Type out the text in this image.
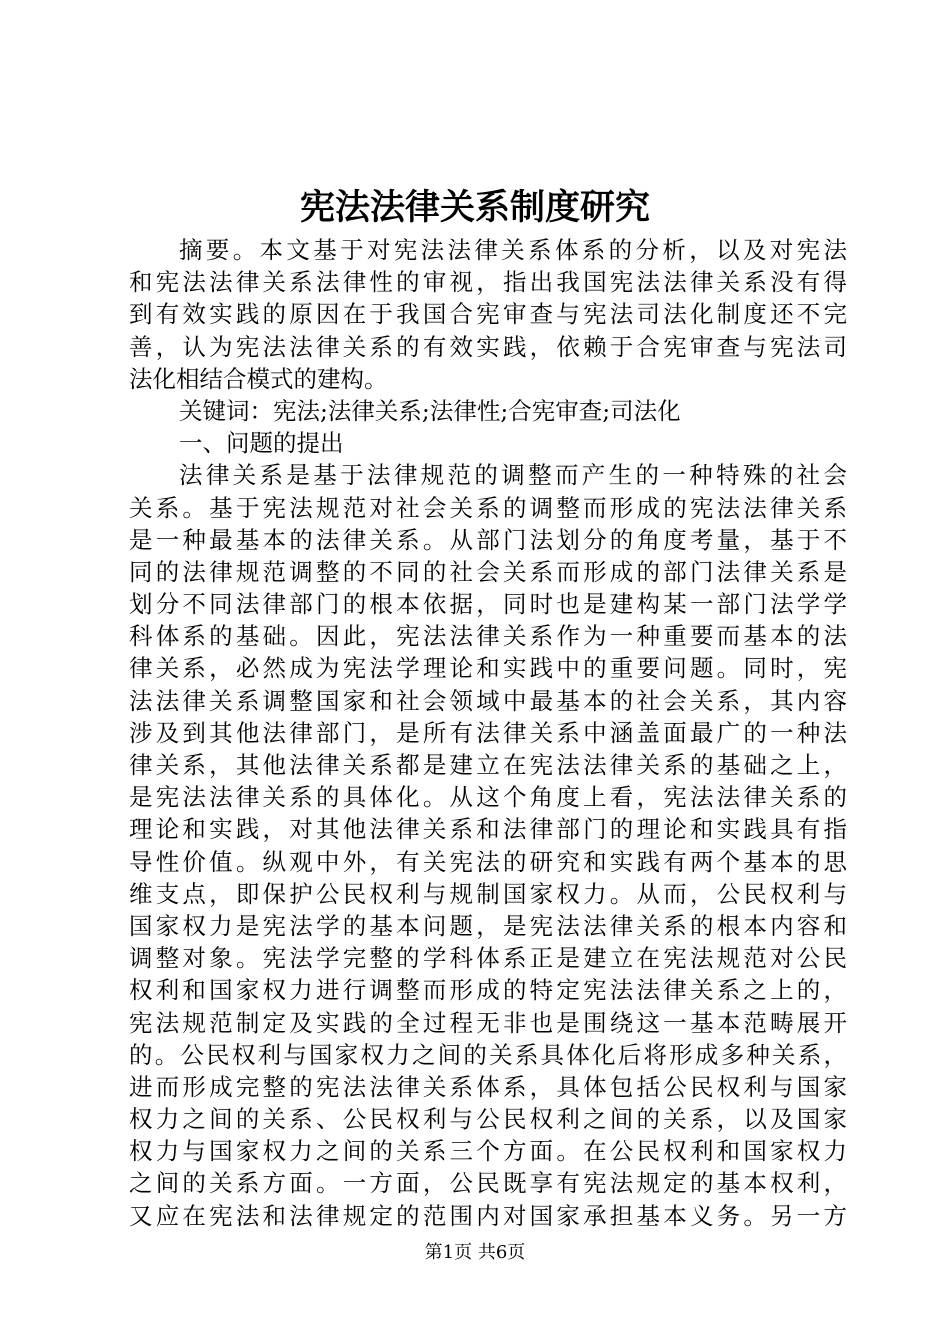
宪法法律关系制度研究
摘要。本文基于对宪法法律关系体系的分析，以及对宪法
和宪法法律关系法律性的审视，指出我国宪法法律关系没有得
到有效实践的原因在于我国合宪审查与宪法司法化制度还不完
善，认为宪法法律关系的有效实践，依赖于合宪审查与宪法司
法化相结合模式的建构。
关键词：宪法;法律关系;法律性;合宪审查;司法化
一、问题的提出
法律关系是基于法律规范的调整而产生的一种特殊的社会
关系。基于宪法规范对社会关系的调整而形成的宪法法律关系
是一种最基本的法律关系。从部门法划分的角度考量，基于不
同的法律规范调整的不同的社会关系而形成的部门法律关系是
划分不同法律部门的根本依据，同时也是建构某一部门法学学
科体系的基础。因此，宪法法律关系作为一种重要而基本的法
律关系，必然成为宪法学理论和实践中的重要问题。同时，宪
法法律关系调整国家和社会领域中最基本的社会关系，其内容
涉及到其他法律部门，是所有法律关系中涵盖面最广的一种法
律关系，其他法律关系都是建立在宪法法律关系的基础之上，
是宪法法律关系的具体化。从这个角度上看，宪法法律关系的
理论和实践，对其他法律关系和法律部门的理论和实践具有指
导性价值。纵观中外，有关宪法的研究和实践有两个基本的思
维支点，即保护公民权利与规制国家权力。从而，公民权利与
国家权力是宪法学的基本问题，是宪法法律关系的根本内容和
调整对象。宪法学完整的学科体系正是建立在宪法规范对公民
权利和国家权力进行调整而形成的特定宪法法律关系之上的，
宪法规范制定及实践的全过程无非也是围绕这一基本范畴展开
的。公民权利与国家权力之间的关系具体化后将形成多种关系，
进而形成完整的宪法法律关系体系，具体包括公民权利与国家
权力之间的关系、公民权利与公民权利之间的关系，以及国家
权力与国家权力之间的关系三个方面。在公民权利和国家权力
之间的关系方面。一方面，公民既享有宪法规定的基本权利，
又应在宪法和法律规定的范围内对国家承担基本义务。另一方
第1页 共6页
